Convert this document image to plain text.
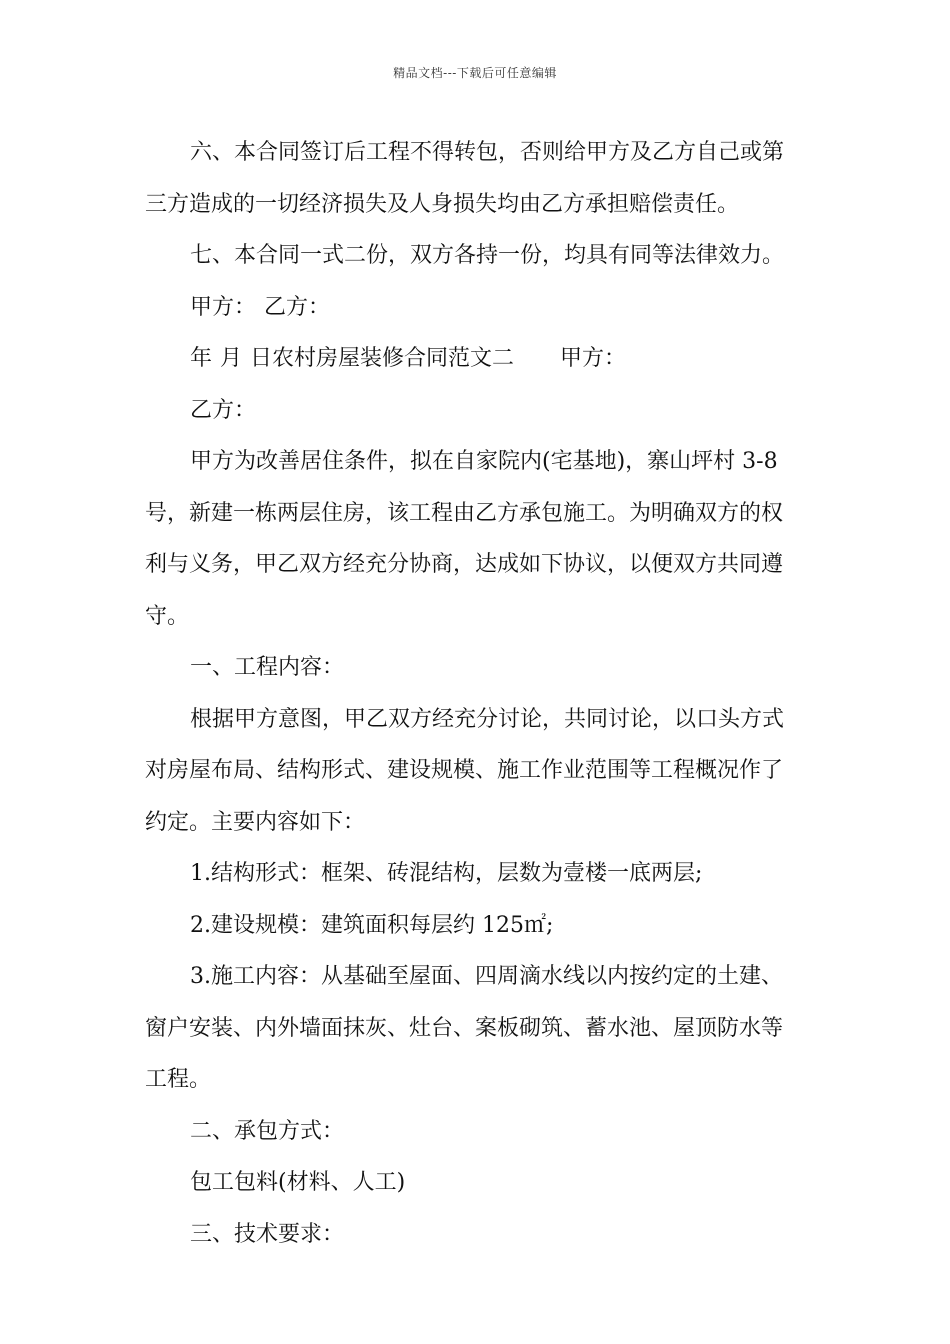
精品文档---下载后可任意编辑
六、本合同签订后工程不得转包，否则给甲方及乙方自己或第
三方造成的一切经济损失及人身损失均由乙方承担赔偿责任。
七、本合同一式二份，双方各持一份，均具有同等法律效力。
甲方： 乙方：
年 月 日农村房屋装修合同范文二 甲方：
乙方：
甲方为改善居住条件，拟在自家院内(宅基地)，寨山坪村 3-8
号，新建一栋两层住房，该工程由乙方承包施工。为明确双方的权
利与义务，甲乙双方经充分协商，达成如下协议，以便双方共同遵
守。
一、工程内容：
根据甲方意图，甲乙双方经充分讨论，共同讨论，以口头方式
对房屋布局、结构形式、建设规模、施工作业范围等工程概况作了
约定。主要内容如下：
1.结构形式：框架、砖混结构，层数为壹楼一底两层;
2.建设规模：建筑面积每层约 125㎡;
3.施工内容：从基础至屋面、四周滴水线以内按约定的土建、
窗户安装、内外墙面抹灰、灶台、案板砌筑、蓄水池、屋顶防水等
工程。
二、承包方式：
包工包料(材料、人工)
三、技术要求：
